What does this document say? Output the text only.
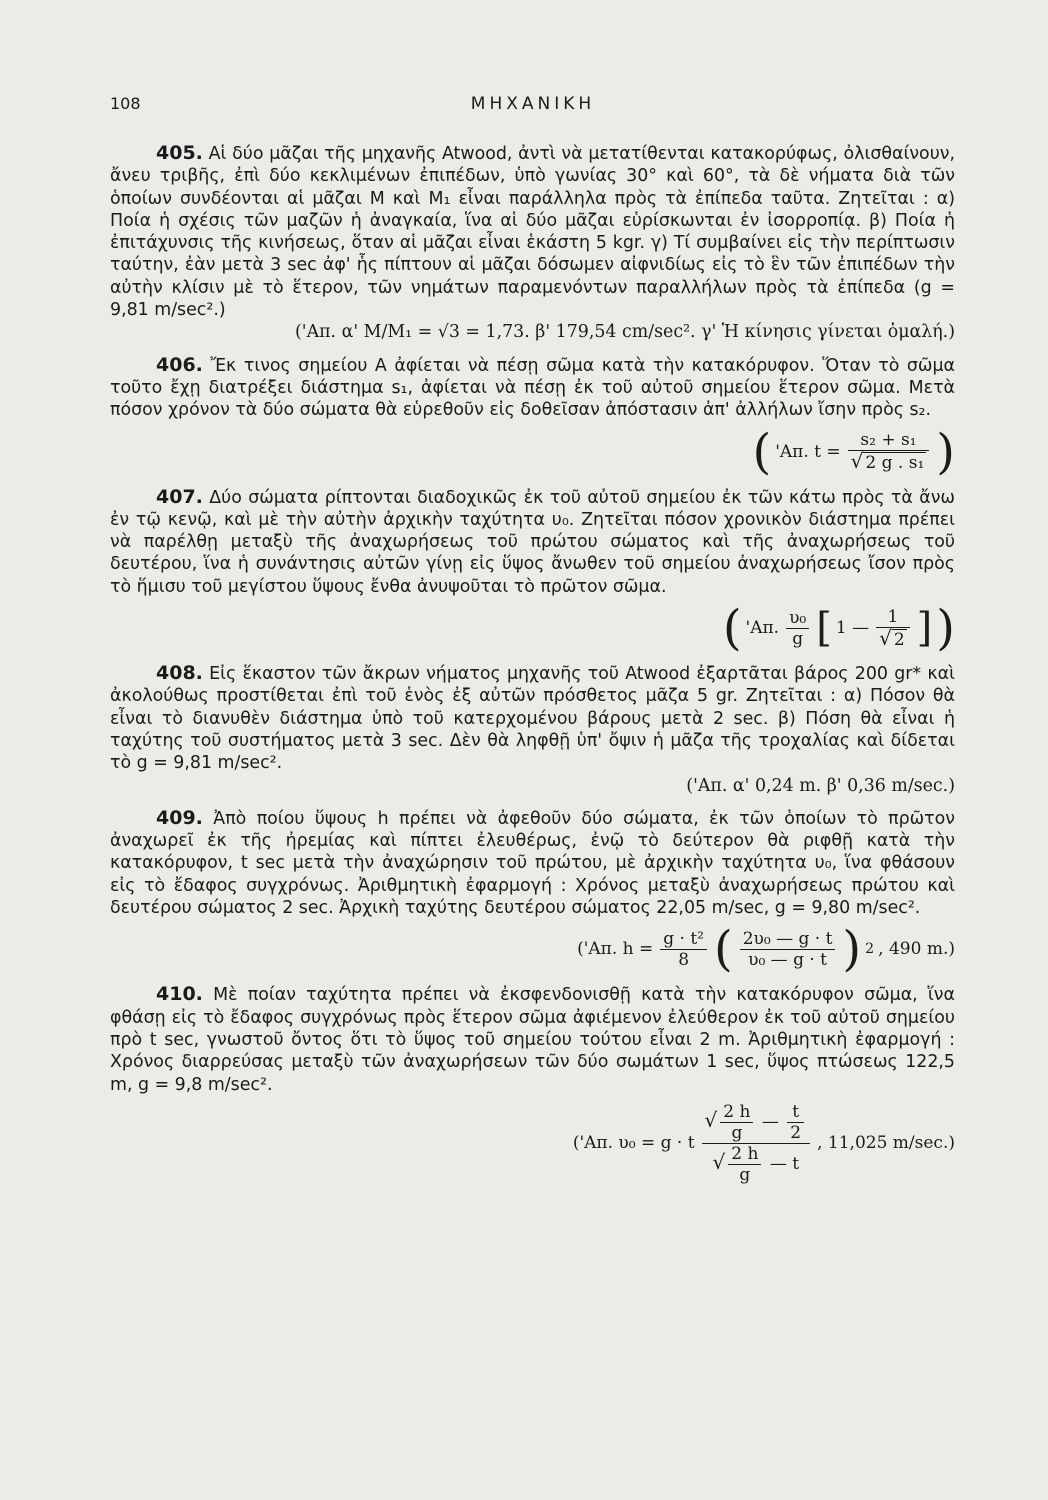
108	ΜΗΧΑΝΙΚΗ

405. Αἱ δύο μᾶζαι τῆς μηχανῆς Atwood, ἀντὶ νὰ μετατίθενται κατακορύφως, ὀλισθαίνουν, ἄνευ τριβῆς, ἐπὶ δύο κεκλιμένων ἐπιπέδων, ὑπὸ γωνίας 30° καὶ 60°, τὰ δὲ νήματα διὰ τῶν ὁποίων συνδέονται αἱ μᾶζαι M καὶ M₁ εἶναι παράλληλα πρὸς τὰ ἐπίπεδα ταῦτα. Ζητεῖται : α) Ποία ἡ σχέσις τῶν μαζῶν ἡ ἀναγκαία, ἵνα αἱ δύο μᾶζαι εὑρίσκωνται ἐν ἰσορροπίᾳ. β) Ποία ἡ ἐπιτάχυνσις τῆς κινήσεως, ὅταν αἱ μᾶζαι εἶναι ἑκάστη 5 kgr. γ) Τί συμβαίνει εἰς τὴν περίπτωσιν ταύτην, ἐὰν μετὰ 3 sec ἀφ' ἧς πίπτουν αἱ μᾶζαι δόσωμεν αἰφνιδίως εἰς τὸ ἓν τῶν ἐπιπέδων τὴν αὐτὴν κλίσιν μὲ τὸ ἕτερον, τῶν νημάτων παραμενόντων παραλλήλων πρὸς τὰ ἐπίπεδα (g = 9,81 m/sec².)

('Απ. α' M/M₁ = √3 = 1,73. β' 179,54 cm/sec². γ' Ἡ κίνησις γίνεται ὁμαλή.)

406. Ἔκ τινος σημείου A ἀφίεται νὰ πέσῃ σῶμα κατὰ τὴν κατακόρυφον. Ὅταν τὸ σῶμα τοῦτο ἔχῃ διατρέξει διάστημα s₁, ἀφίεται νὰ πέσῃ ἐκ τοῦ αὐτοῦ σημείου ἕτερον σῶμα. Μετὰ πόσον χρόνον τὰ δύο σώματα θὰ εὑρεθοῦν εἰς δοθεῖσαν ἀπόστασιν ἀπ' ἀλλήλων ἴσην πρὸς s₂.

( 'Απ. $t = \frac{\text{s₂ + s₁}}{\text{√ 2 g . s₁}}$ )

407. Δύο σώματα ρίπτονται διαδοχικῶς ἐκ τοῦ αὐτοῦ σημείου ἐκ τῶν κάτω πρὸς τὰ ἄνω ἐν τῷ κενῷ, καὶ μὲ τὴν αὐτὴν ἀρχικὴν ταχύτητα υ₀. Ζητεῖται πόσον χρονικὸν διάστημα πρέπει νὰ παρέλθῃ μεταξὺ τῆς ἀναχωρήσεως τοῦ πρώτου σώματος καὶ τῆς ἀναχωρήσεως τοῦ δευτέρου, ἵνα ἡ συνάντησις αὐτῶν γίνῃ εἰς ὕψος ἄνωθεν τοῦ σημείου ἀναχωρήσεως ἴσον πρὸς τὸ ἥμισυ τοῦ μεγίστου ὕψους ἔνθα ἀνυψοῦται τὸ πρῶτον σῶμα.

( 'Απ. $\frac{\text{υ₀}}{g}$ [ 1 — $\frac{1}{√ 2}$ ] )

408. Εἰς ἕκαστον τῶν ἄκρων νήματος μηχανῆς τοῦ Atwood ἐξαρτᾶται βάρος 200 gr* καὶ ἀκολούθως προστίθεται ἐπὶ τοῦ ἑνὸς ἐξ αὐτῶν πρόσθετος μᾶζα 5 gr. Ζητεῖται : α) Πόσον θὰ εἶναι τὸ διανυθὲν διάστημα ὑπὸ τοῦ κατερχομένου βάρους μετὰ 2 sec. β) Πόση θὰ εἶναι ἡ ταχύτης τοῦ συστήματος μετὰ 3 sec. Δὲν θὰ ληφθῇ ὑπ' ὄψιν ἡ μᾶζα τῆς τροχαλίας καὶ δίδεται τὸ g = 9,81 m/sec².

('Απ. α' 0,24 m. β' 0,36 m/sec.)

409. Ἀπὸ ποίου ὕψους h πρέπει νὰ ἀφεθοῦν δύο σώματα, ἐκ τῶν ὁποίων τὸ πρῶτον ἀναχωρεῖ ἐκ τῆς ἠρεμίας καὶ πίπτει ἐλευθέρως, ἐνῷ τὸ δεύτερον θὰ ριφθῇ κατὰ τὴν κατακόρυφον, t sec μετὰ τὴν ἀναχώρησιν τοῦ πρώτου, μὲ ἀρχικὴν ταχύτητα υ₀, ἵνα φθάσουν εἰς τὸ ἔδαφος συγχρόνως. Ἀριθμητικὴ ἐφαρμογή : Χρόνος μεταξὺ ἀναχωρήσεως πρώτου καὶ δευτέρου σώματος 2 sec. Ἀρχικὴ ταχύτης δευτέρου σώματος 22,05 m/sec, g = 9,80 m/sec².

('Απ. $h = \frac{\text{g · t²}}{8}$ ( $\frac{\text{2υ₀ — g · t}}{\text{υ₀ — g · t}}$ ) 2 , 490 m.)

410. Μὲ ποίαν ταχύτητα πρέπει νὰ ἐκσφενδονισθῇ κατὰ τὴν κατακόρυφον σῶμα, ἵνα φθάσῃ εἰς τὸ ἔδαφος συγχρόνως πρὸς ἕτερον σῶμα ἀφιέμενον ἐλεύθερον ἐκ τοῦ αὐτοῦ σημείου πρὸ t sec, γνωστοῦ ὄντος ὅτι τὸ ὕψος τοῦ σημείου τούτου εἶναι 2 m. Ἀριθμητικὴ ἐφαρμογή : Χρόνος διαρρεύσας μεταξὺ τῶν ἀναχωρήσεων τῶν δύο σωμάτων 1 sec, ὕψος πτώσεως 122,5 m, g = 9,8 m/sec².

('Απ. υ₀ = g · t $\frac{√ \frac{2 h}{g} — \frac{t}{2}}{√ \frac{2 h}{g} — t}$ , 11,025 m/sec.)
